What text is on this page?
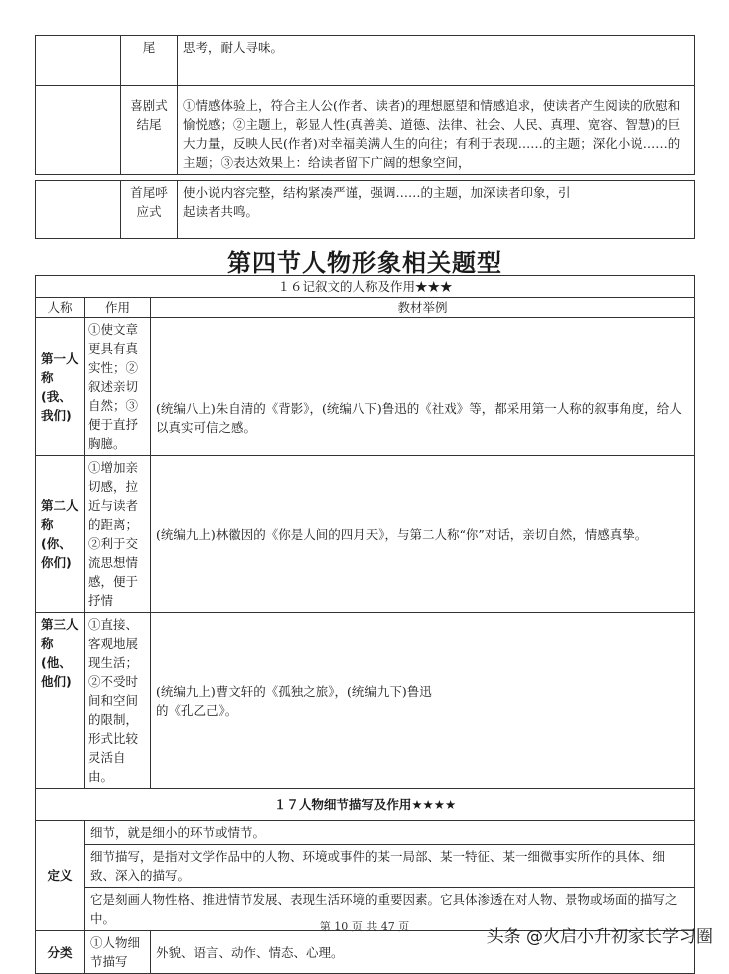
	尾	思考，耐人寻味。
	喜剧式结尾	①情感体验上，符合主人公(作者、读者)的理想愿望和情感追求，使读者产生阅读的欣慰和愉悦感；②主题上，彰显人性(真善美、道德、法律、社会、人民、真理、宽容、智慧)的巨大力量，反映人民(作者)对幸福美满人生的向往；有利于表现……的主题；深化小说……的主题；③表达效果上：给读者留下广阔的想象空间，
	首尾呼应式	使小说内容完整，结构紧凑严谨，强调……的主题，加深读者印象，引起读者共鸣。
第四节人物形象相关题型
１６记叙文的人称及作用★★★		
人称	作用	教材举例
第一人称(我、我们)	①使文章更具有真实性；②叙述亲切自然；③便于直抒胸臆。	(统编八上)朱自清的《背影》，(统编八下)鲁迅的《社戏》等，都采用第一人称的叙事角度，给人以真实可信之感。
第二人称(你、你们)	①增加亲切感，拉近与读者的距离；②利于交流思想情感，便于抒情	(统编九上)林徽因的《你是人间的四月天》，与第二人称“你”对话，亲切自然，情感真挚。
第三人称(他、他们)	①直接、客观地展现生活；②不受时间和空间的限制，形式比较灵活自由。	(统编九上)曹文轩的《孤独之旅》，(统编九下)鲁迅的《孔乙己》。
１７人物细节描写及作用★★★★		
定义	细节，就是细小的环节或情节。	
	细节描写，是指对文学作品中的人物、环境或事件的某一局部、某一特征、某一细微事实所作的具体、细致、深入的描写。	
	它是刻画人物性格、推进情节发展、表现生活环境的重要因素。它具体渗透在对人物、景物或场面的描写之中。	
分类	①人物细节描写	外貌、语言、动作、情态、心理。
第 10 页 共 47 页
头条 @火启小升初家长学习圈
